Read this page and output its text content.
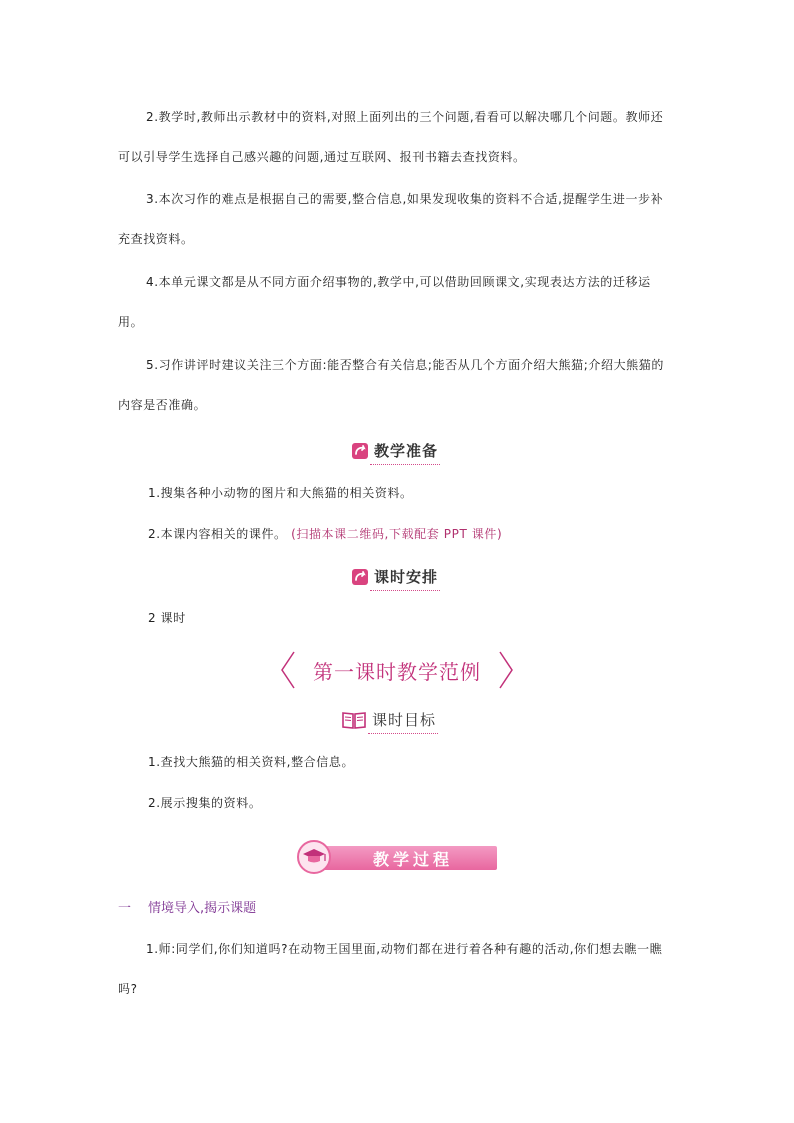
2.教学时,教师出示教材中的资料,对照上面列出的三个问题,看看可以解决哪几个问题。教师还可以引导学生选择自己感兴趣的问题,通过互联网、报刊书籍去查找资料。
3.本次习作的难点是根据自己的需要,整合信息,如果发现收集的资料不合适,提醒学生进一步补充查找资料。
4.本单元课文都是从不同方面介绍事物的,教学中,可以借助回顾课文,实现表达方法的迁移运用。
5.习作讲评时建议关注三个方面:能否整合有关信息;能否从几个方面介绍大熊猫;介绍大熊猫的内容是否准确。
教学准备
1.搜集各种小动物的图片和大熊猫的相关资料。
2.本课内容相关的课件。 (扫描本课二维码,下载配套 PPT 课件)
课时安排
2 课时
第一课时教学范例
课时目标
1.查找大熊猫的相关资料,整合信息。
2.展示搜集的资料。
教学过程
一 情境导入,揭示课题
1.师:同学们,你们知道吗?在动物王国里面,动物们都在进行着各种有趣的活动,你们想去瞧一瞧吗?
